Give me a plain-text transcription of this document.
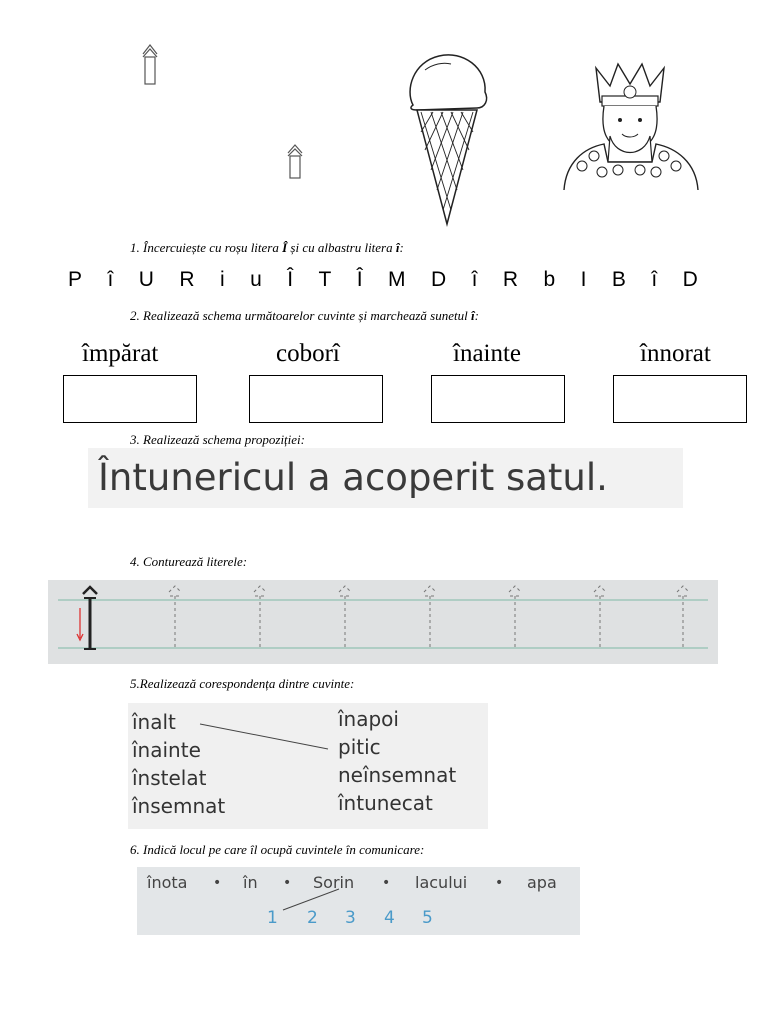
1. Încercuiește cu roșu litera Î și cu albastru litera î:
P î U R i u Î T Î M D î R b I B î D
2. Realizează schema următoarelor cuvinte și marchează sunetul î:
împărat	coborî	înainte	înnorat
3. Realizează schema propoziției:
Întunericul a acoperit satul.
4. Conturează literele:
5.Realizează corespondența dintre cuvinte:
înalt
înainte
înstelat
însemnat
înapoi
pitic
neînsemnat
întunecat
6. Indică locul pe care îl ocupă cuvintele în comunicare:
înota • în • Sorin • lacului • apa
1 2 3 4 5
